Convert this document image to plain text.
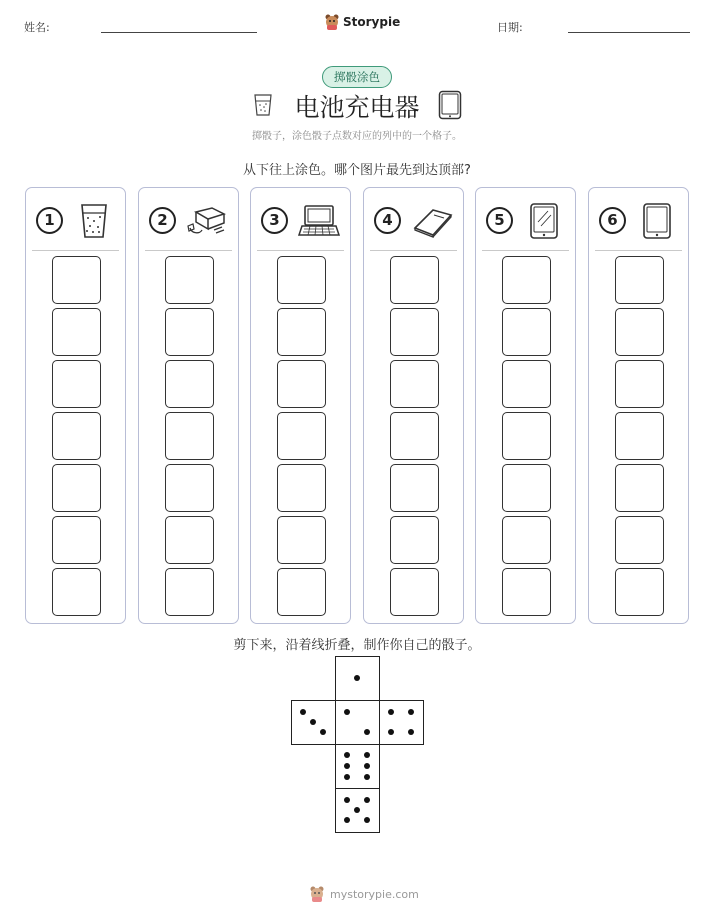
姓名:	Storypie	日期:
掷骰涂色
电池充电器
掷骰子，涂色骰子点数对应的列中的一个格子。
从下往上涂色。哪个图片最先到达顶部?
1	2	3	4	5	6
剪下来，沿着线折叠，制作你自己的骰子。
mystorypie.com
